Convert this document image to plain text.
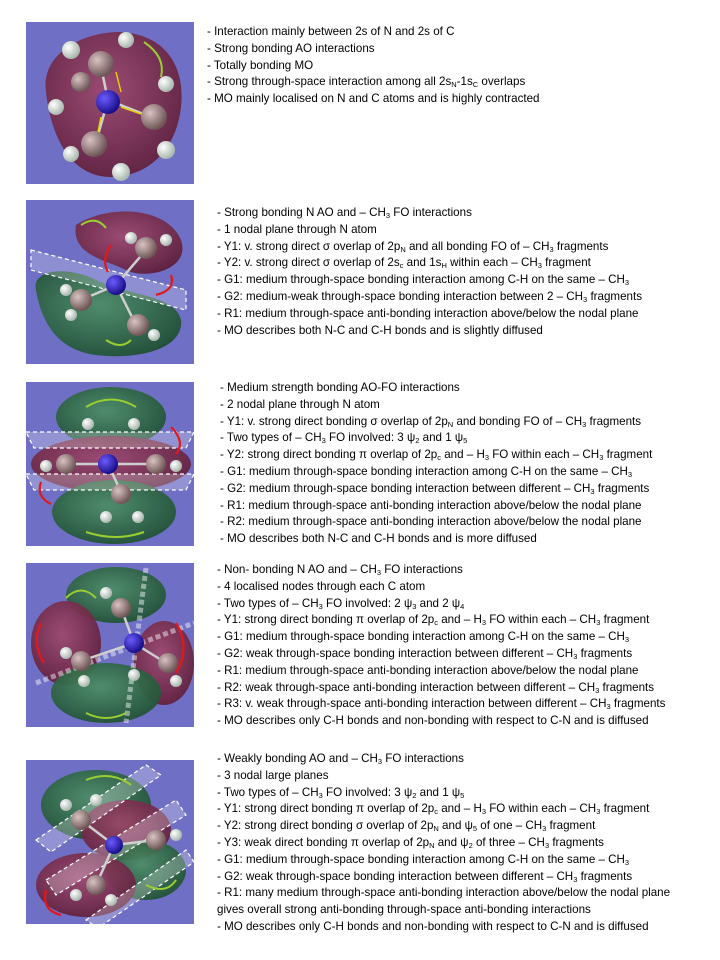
- Interaction mainly between 2s of N and 2s of C
- Strong bonding AO interactions
- Totally bonding MO
- Strong through-space interaction among all $2s_N-1s_C$ overlaps
- MO mainly localised on N and C atoms and is highly contracted
- Strong bonding N AO and – $CH_3$ FO interactions
- 1 nodal plane through N atom
- Y1: v. strong direct σ overlap of $2p_N$ and all bonding FO of – $CH_3$ fragments
- Y2: v. strong direct σ overlap of $2s_c$ and $1s_H$ within each – $CH_3$ fragment
- G1: medium through-space bonding interaction among C-H on the same – $CH_3$
- G2: medium-weak through-space bonding interaction between $2 - CH_3$ fragments
- R1: medium through-space anti-bonding interaction above/below the nodal plane
- MO describes both N-C and C-H bonds and is slightly diffused
- Medium strength bonding AO-FO interactions
- 2 nodal plane through N atom
- Y1: v. strong direct bonding σ overlap of $2p_N$ and bonding FO of – $CH_3$ fragments
- Two types of – $CH_3$ FO involved: 3 $\psi_2$ and 1 $\psi_5$
- Y2: strong direct bonding π overlap of $2p_c$ and – $H_3$ FO within each – $CH_3$ fragment
- G1: medium through-space bonding interaction among C-H on the same – $CH_3$
- G2: medium through-space bonding interaction between different – $CH_3$ fragments
- R1: medium through-space anti-bonding interaction above/below the nodal plane
- R2: medium through-space anti-bonding interaction above/below the nodal plane
- MO describes both N-C and C-H bonds and is more diffused
- Non- bonding N AO and – $CH_3$ FO interactions
- 4 localised nodes through each C atom
- Two types of – $CH_3$ FO involved: 2 $\psi_3$ and 2 $\psi_4$
- Y1: strong direct bonding π overlap of $2p_c$ and – $H_3$ FO within each – $CH_3$ fragment
- G1: medium through-space bonding interaction among C-H on the same – $CH_3$
- G2: weak through-space bonding interaction between different – $CH_3$ fragments
- R1: medium through-space anti-bonding interaction above/below the nodal plane
- R2: weak through-space anti-bonding interaction between different – $CH_3$ fragments
- R3: v. weak through-space anti-bonding interaction between different – $CH_3$ fragments
- MO describes only C-H bonds and non-bonding with respect to C-N and is diffused
- Weakly bonding AO and – $CH_3$ FO interactions
- 3 nodal large planes
- Two types of – $CH_3$ FO involved: 3 $\psi_2$ and 1 $\psi_5$
- Y1: strong direct bonding π overlap of $2p_c$ and – $H_3$ FO within each – $CH_3$ fragment
- Y2: strong direct bonding σ overlap of $2p_N$ and $\psi_5$ of one – $CH_3$ fragment
- Y3: weak direct bonding π overlap of $2p_N$ and $\psi_2$ of three – $CH_3$ fragments
- G1: medium through-space bonding interaction among C-H on the same – $CH_3$
- G2: weak through-space bonding interaction between different – $CH_3$ fragments
- R1: many medium through-space anti-bonding interaction above/below the nodal plane
gives overall strong anti-bonding through-space anti-bonding interactions
- MO describes only C-H bonds and non-bonding with respect to C-N and is diffused
